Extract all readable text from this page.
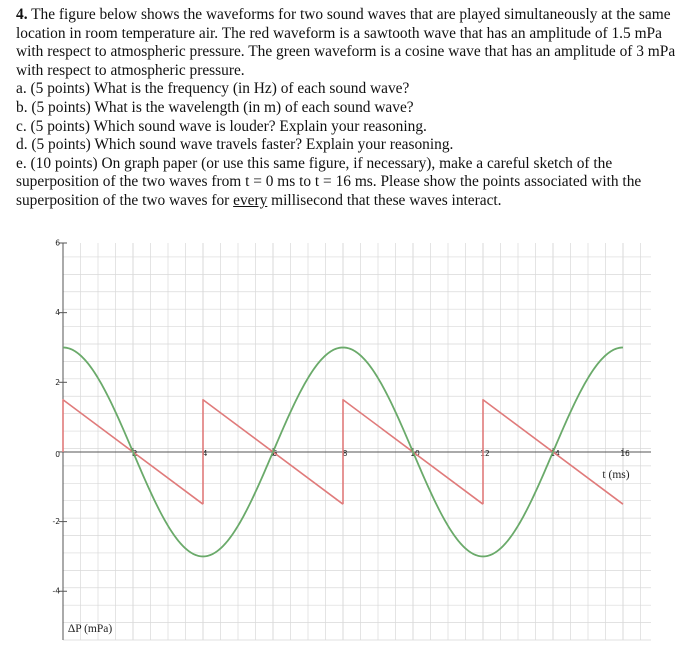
4. The figure below shows the waveforms for two sound waves that are played simultaneously at the same location in room temperature air. The red waveform is a sawtooth wave that has an amplitude of 1.5 mPa with respect to atmospheric pressure. The green waveform is a cosine wave that has an amplitude of 3 mPa with respect to atmospheric pressure.

a. (5 points) What is the frequency (in Hz) of each sound wave?

b. (5 points) What is the wavelength (in m) of each sound wave?

c. (5 points) Which sound wave is louder? Explain your reasoning.

d. (5 points) Which sound wave travels faster? Explain your reasoning.

e. (10 points) On graph paper (or use this same figure, if necessary), make a careful sketch of the superposition of the two waves from t = 0 ms to t = 16 ms. Please show the points associated with the superposition of the two waves for every millisecond that these waves interact.

2	4	6	8	10	12	14	16
6
4
2
0
-2
-4
t (ms)
ΔP (mPa)
